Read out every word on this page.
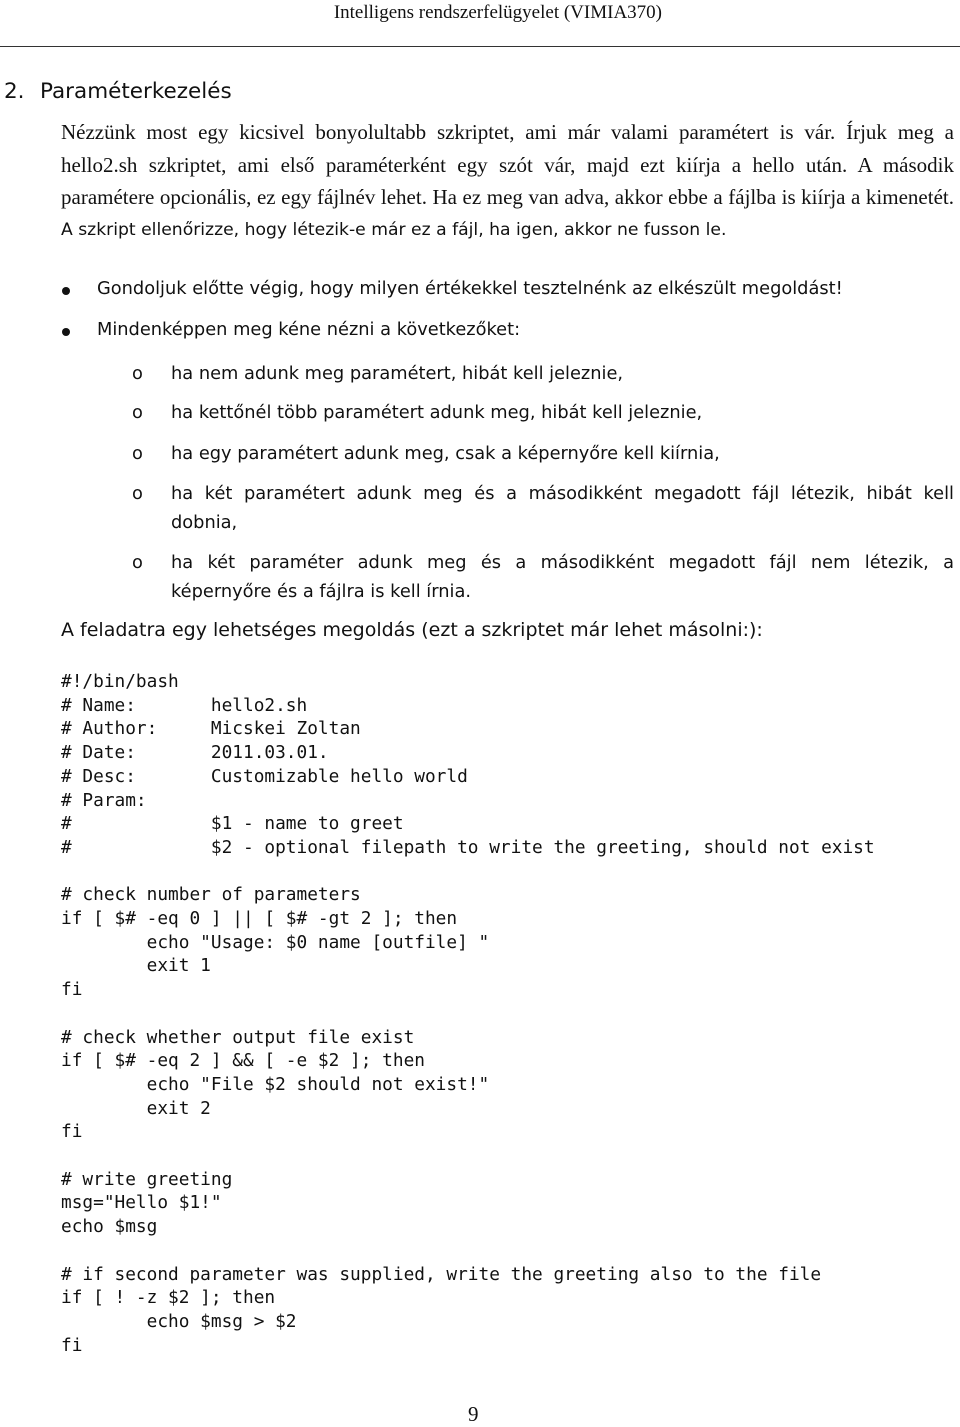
Intelligens rendszerfelügyelet (VIMIA370)
2. Paraméterkezelés
Nézzünk most egy kicsivel bonyolultabb szkriptet, ami már valami paramétert is vár. Írjuk meg a hello2.sh szkriptet, ami első paraméterként egy szót vár, majd ezt kiírja a hello után. A második paramétere opcionális, ez egy fájlnév lehet. Ha ez meg van adva, akkor ebbe a fájlba is kiírja a kimenetét. A szkript ellenőrizze, hogy létezik-e már ez a fájl, ha igen, akkor ne fusson le.
Gondoljuk előtte végig, hogy milyen értékekkel tesztelnénk az elkészült megoldást!
Mindenképpen meg kéne nézni a következőket:
o ha nem adunk meg paramétert, hibát kell jeleznie,
o ha kettőnél több paramétert adunk meg, hibát kell jeleznie,
o ha egy paramétert adunk meg, csak a képernyőre kell kiírnia,
o ha két paramétert adunk meg és a másodikként megadott fájl létezik, hibát kell dobnia,
o ha két paraméter adunk meg és a másodikként megadott fájl nem létezik, a képernyőre és a fájlra is kell írnia.
A feladatra egy lehetséges megoldás (ezt a szkriptet már lehet másolni:):
#!/bin/bash
# Name:       hello2.sh
# Author:     Micskei Zoltan
# Date:       2011.03.01.
# Desc:       Customizable hello world
# Param:
#             $1 - name to greet
#             $2 - optional filepath to write the greeting, should not exist

# check number of parameters
if [ $# -eq 0 ] || [ $# -gt 2 ]; then
echo "Usage: $0 name [outfile] "
exit 1
fi

# check whether output file exist
if [ $# -eq 2 ] && [ -e $2 ]; then
echo "File $2 should not exist!"
exit 2
fi

# write greeting
msg="Hello $1!"
echo $msg

# if second parameter was supplied, write the greeting also to the file
if [ ! -z $2 ]; then
echo $msg > $2
fi
9
